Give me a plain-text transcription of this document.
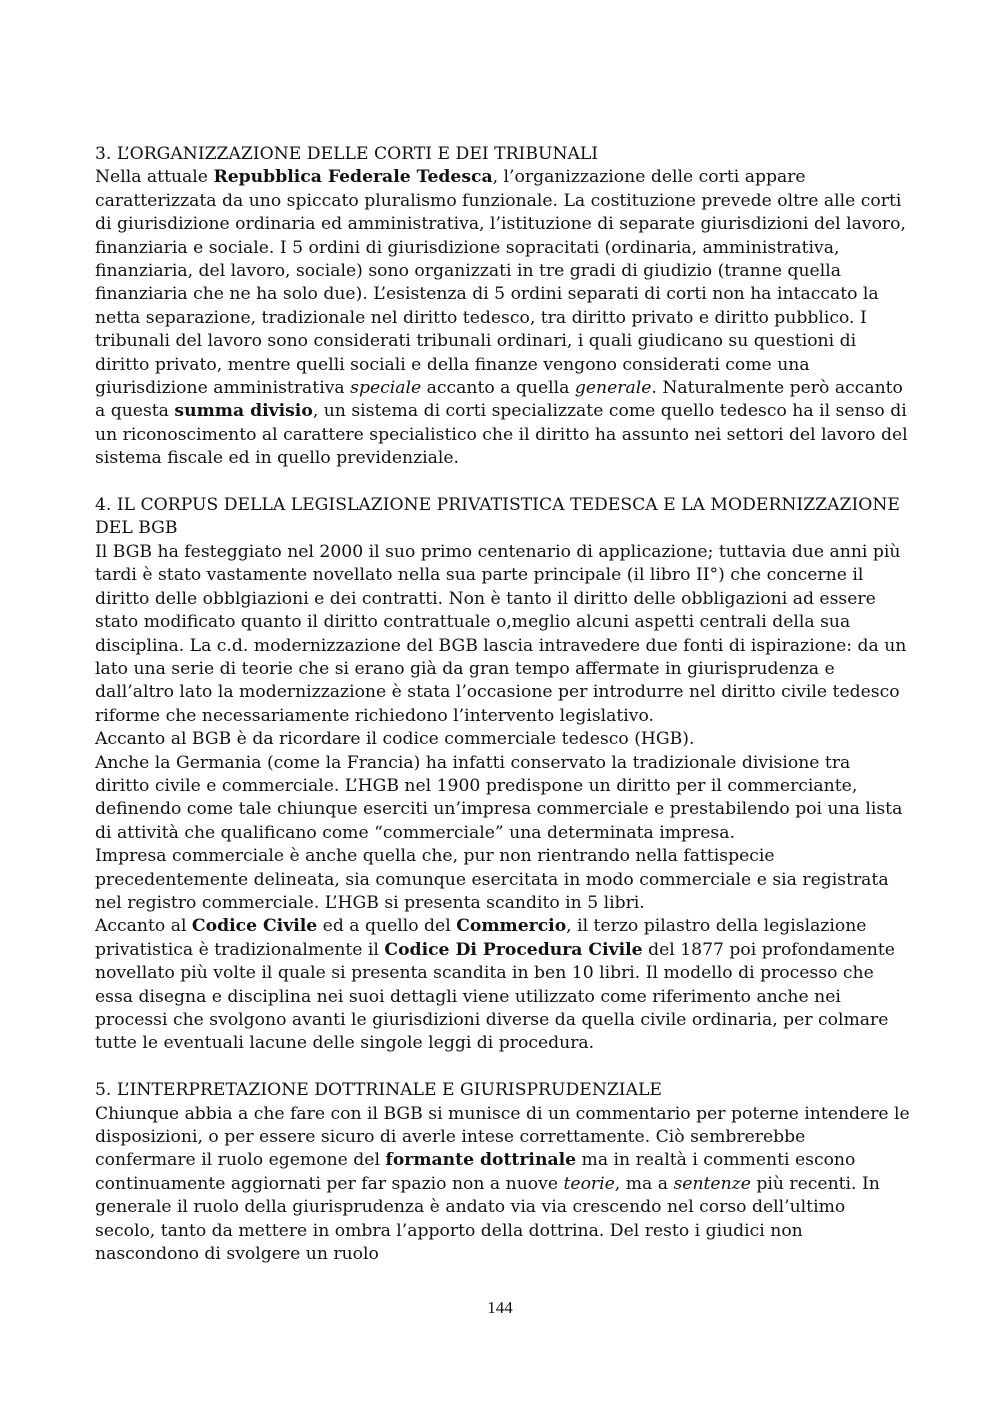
3. L’ORGANIZZAZIONE DELLE CORTI E DEI TRIBUNALI

Nella attuale Repubblica Federale Tedesca, l’organizzazione delle corti appare caratterizzata da uno spiccato pluralismo funzionale. La costituzione prevede oltre alle corti di giurisdizione ordinaria ed amministrativa, l’istituzione di separate giurisdizioni del lavoro, finanziaria e sociale. I 5 ordini di giurisdizione sopracitati (ordinaria, amministrativa, finanziaria, del lavoro, sociale) sono organizzati in tre gradi di giudizio (tranne quella finanziaria che ne ha solo due). L’esistenza di 5 ordini separati di corti non ha intaccato la netta separazione, tradizionale nel diritto tedesco, tra diritto privato e diritto pubblico. I tribunali del lavoro sono considerati tribunali ordinari, i quali giudicano su questioni di diritto privato, mentre quelli sociali e della finanze vengono considerati come una giurisdizione amministrativa speciale accanto a quella generale. Naturalmente però accanto a questa summa divisio, un sistema di corti specializzate come quello tedesco ha il senso di un riconoscimento al carattere specialistico che il diritto ha assunto nei settori del lavoro del sistema fiscale ed in quello previdenziale.

4. IL CORPUS DELLA LEGISLAZIONE PRIVATISTICA TEDESCA E LA MODERNIZZAZIONE DEL BGB

Il BGB ha festeggiato nel 2000 il suo primo centenario di applicazione; tuttavia due anni più tardi è stato vastamente novellato nella sua parte principale (il libro II°) che concerne il diritto delle obblgiazioni e dei contratti. Non è tanto il diritto delle obbligazioni ad essere stato modificato quanto il diritto contrattuale o,meglio alcuni aspetti centrali della sua disciplina. La c.d. modernizzazione del BGB lascia intravedere due fonti di ispirazione: da un lato una serie di teorie che si erano già da gran tempo affermate in giurisprudenza e dall’altro lato la modernizzazione è stata l’occasione per introdurre nel diritto civile tedesco riforme che necessariamente richiedono l’intervento legislativo.

Accanto al BGB è da ricordare il codice commerciale tedesco (HGB).

Anche la Germania (come la Francia) ha infatti conservato la tradizionale divisione tra diritto civile e commerciale. L’HGB nel 1900 predispone un diritto per il commerciante, definendo come tale chiunque eserciti un’impresa commerciale e prestabilendo poi una lista di attività che qualificano come “commerciale” una determinata impresa.

Impresa commerciale è anche quella che, pur non rientrando nella fattispecie precedentemente delineata, sia comunque esercitata in modo commerciale e sia registrata nel registro commerciale. L’HGB si presenta scandito in 5 libri.

Accanto al Codice Civile ed a quello del Commercio, il terzo pilastro della legislazione privatistica è tradizionalmente il Codice Di Procedura Civile del 1877 poi profondamente novellato più volte il quale si presenta scandita in ben 10 libri. Il modello di processo che essa disegna e disciplina nei suoi dettagli viene utilizzato come riferimento anche nei processi che svolgono avanti le giurisdizioni diverse da quella civile ordinaria, per colmare tutte le eventuali lacune delle singole leggi di procedura.

5. L’INTERPRETAZIONE DOTTRINALE E GIURISPRUDENZIALE

Chiunque abbia a che fare con il BGB si munisce di un commentario per poterne intendere le disposizioni, o per essere sicuro di averle intese correttamente. Ciò sembrerebbe confermare il ruolo egemone del formante dottrinale ma in realtà i commenti escono continuamente aggiornati per far spazio non a nuove teorie, ma a sentenze più recenti. In generale il ruolo della giurisprudenza è andato via via crescendo nel corso dell’ultimo secolo, tanto da mettere in ombra l’apporto della dottrina. Del resto i giudici non nascondono di svolgere un ruolo

144
